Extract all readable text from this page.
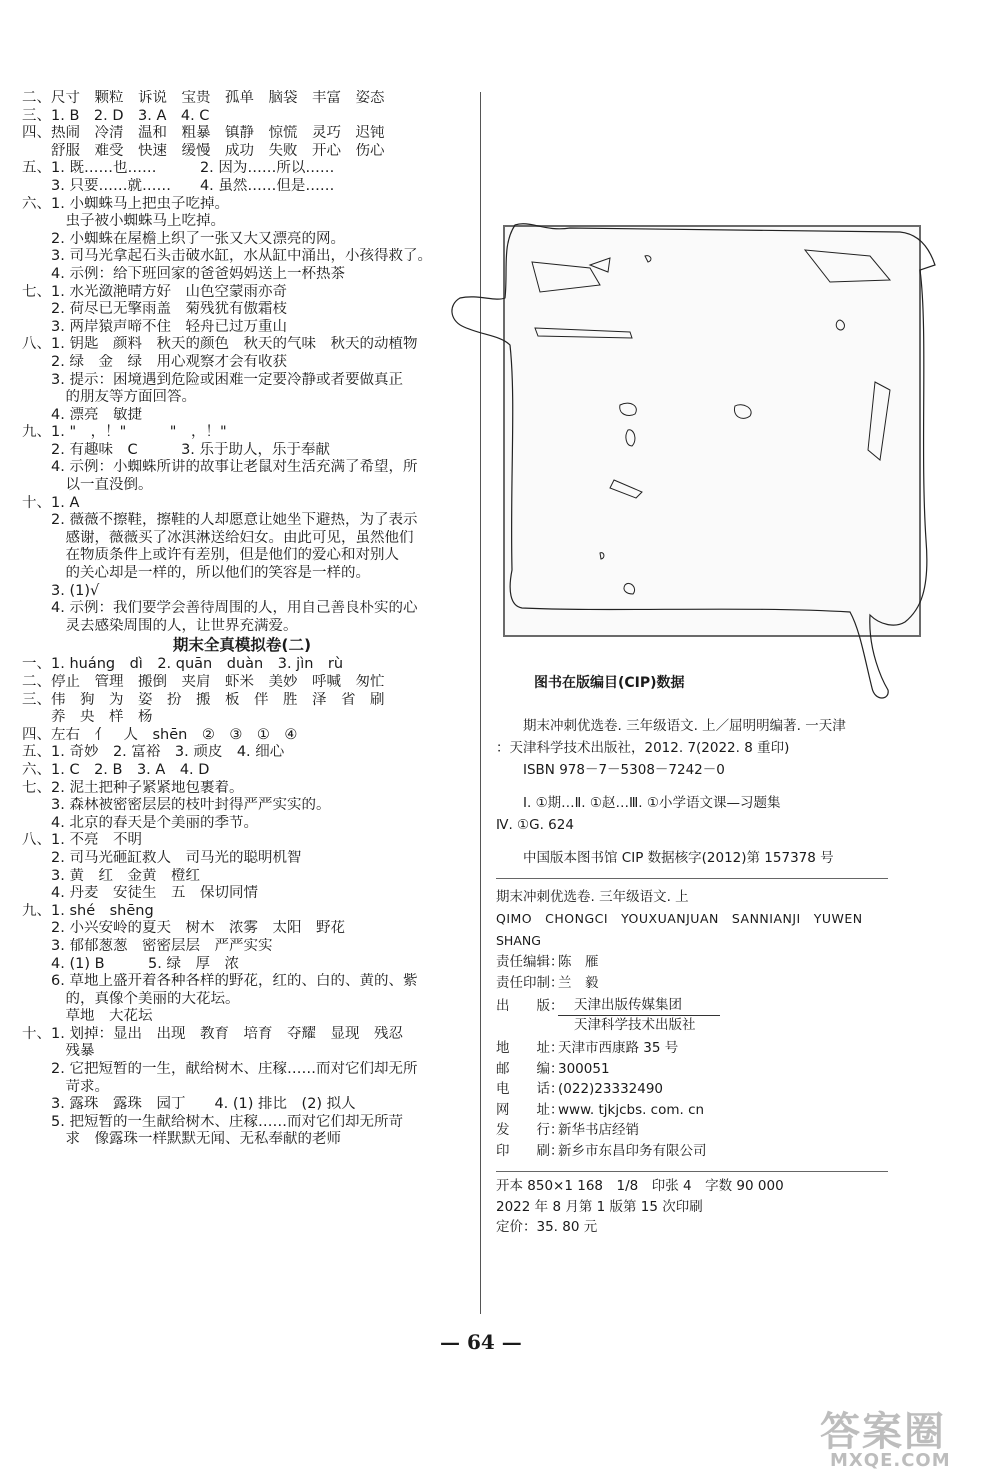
二、尺寸　颗粒　诉说　宝贵　孤单　脑袋　丰富　姿态
三、1. B　2. D　3. A　4. C
四、热闹　冷清　温和　粗暴　镇静　惊慌　灵巧　迟钝
　　舒服　难受　快速　缓慢　成功　失败　开心　伤心
五、1. 既……也……　　　2. 因为……所以……
　　3. 只要……就……　　4. 虽然……但是……
六、1. 小蜘蛛马上把虫子吃掉。
　　　虫子被小蜘蛛马上吃掉。
　　2. 小蜘蛛在屋檐上织了一张又大又漂亮的网。
　　3. 司马光拿起石头击破水缸，水从缸中涌出，小孩得救了。
　　4. 示例：给下班回家的爸爸妈妈送上一杯热茶
七、1. 水光潋滟晴方好　山色空蒙雨亦奇
　　2. 荷尽已无擎雨盖　菊残犹有傲霜枝
　　3. 两岸猿声啼不住　轻舟已过万重山
八、1. 钥匙　颜料　秋天的颜色　秋天的气味　秋天的动植物
　　2. 绿　金　绿　用心观察才会有收获
　　3. 提示：困境遇到危险或困难一定要冷静或者要做真正
　　　的朋友等方面回答。
　　4. 漂亮　敏捷
九、1. "　，！"　　　"　，！"
　　2. 有趣味　C　　　3. 乐于助人，乐于奉献
　　4. 示例：小蜘蛛所讲的故事让老鼠对生活充满了希望，所
　　　以一直没倒。
十、1. A
　　2. 薇薇不擦鞋，擦鞋的人却愿意让她坐下避热，为了表示
　　　感谢，薇薇买了冰淇淋送给妇女。由此可见，虽然他们
　　　在物质条件上或许有差别，但是他们的爱心和对别人
　　　的关心却是一样的，所以他们的笑容是一样的。
　　3. (1)√
　　4. 示例：我们要学会善待周围的人，用自己善良朴实的心
　　　灵去感染周围的人，让世界充满爱。
期末全真模拟卷(二)
一、1. huáng　dì　2. quān　duàn　3. jìn　rù
二、停止　管理　搬倒　夹肩　虾米　美妙　呼喊　匆忙
三、伟　狗　为　姿　扮　搬　板　伴　胜　泽　省　刷
　　养　央　样　杨
四、左右　亻　人　shēn　②　③　①　④
五、1. 奇妙　2. 富裕　3. 顽皮　4. 细心
六、1. C　2. B　3. A　4. D
七、2. 泥土把种子紧紧地包裹着。
　　3. 森林被密密层层的枝叶封得严严实实的。
　　4. 北京的春天是个美丽的季节。
八、1. 不亮　不明
　　2. 司马光砸缸救人　司马光的聪明机智
　　3. 黄　红　金黄　橙红
　　4. 丹麦　安徒生　五　保切同情
九、1. shé　shēng
　　2. 小兴安岭的夏天　树木　浓雾　太阳　野花
　　3. 郁郁葱葱　密密层层　严严实实
　　4. (1) B　　　5. 绿　厚　浓
　　6. 草地上盛开着各种各样的野花，红的、白的、黄的、紫
　　　的，真像个美丽的大花坛。
　　　草地　大花坛
十、1. 划掉：显出　出现　教育　培育　夺耀　显现　残忍
　　　残暴
　　2. 它把短暂的一生，献给树木、庄稼……而对它们却无所
　　　苛求。
　　3. 露珠　露珠　园丁　　4. (1) 排比　(2) 拟人
　　5. 把短暂的一生献给树木、庄稼……而对它们却无所苛
　　　求　像露珠一样默默无闻、无私奉献的老师
图书在版编目(CIP)数据
　　期末冲刺优选卷. 三年级语文. 上／屈明明编著. 一天津
：天津科学技术出版社，2012. 7(2022. 8 重印)
　　ISBN 978－7－5308－7242－0
　　Ⅰ. ①期…Ⅱ. ①赵…Ⅲ. ①小学语文课—习题集
Ⅳ. ①G. 624
　　中国版本图书馆 CIP 数据核字(2012)第 157378 号
期末冲刺优选卷. 三年级语文. 上
QIMO　CHONGCI　YOUXUANJUAN　SANNIANJI　YUWEN
SHANG
责任编辑：
陈　雁
责任印制：
兰　毅
出　　版： 天津出版传媒集团
天津科学技术出版社
地　　址：
天津市西康路 35 号
邮　　编：
300051
电　　话：
(022)23332490
网　　址：
www. tjkjcbs. com. cn
发　　行：
新华书店经销
印　　刷：
新乡市东昌印务有限公司
开本 850×1 168　1/8　印张 4　字数 90 000
2022 年 8 月第 1 版第 15 次印刷
定价：35. 80 元
— 64 —
答案圈
MXQE.COM
